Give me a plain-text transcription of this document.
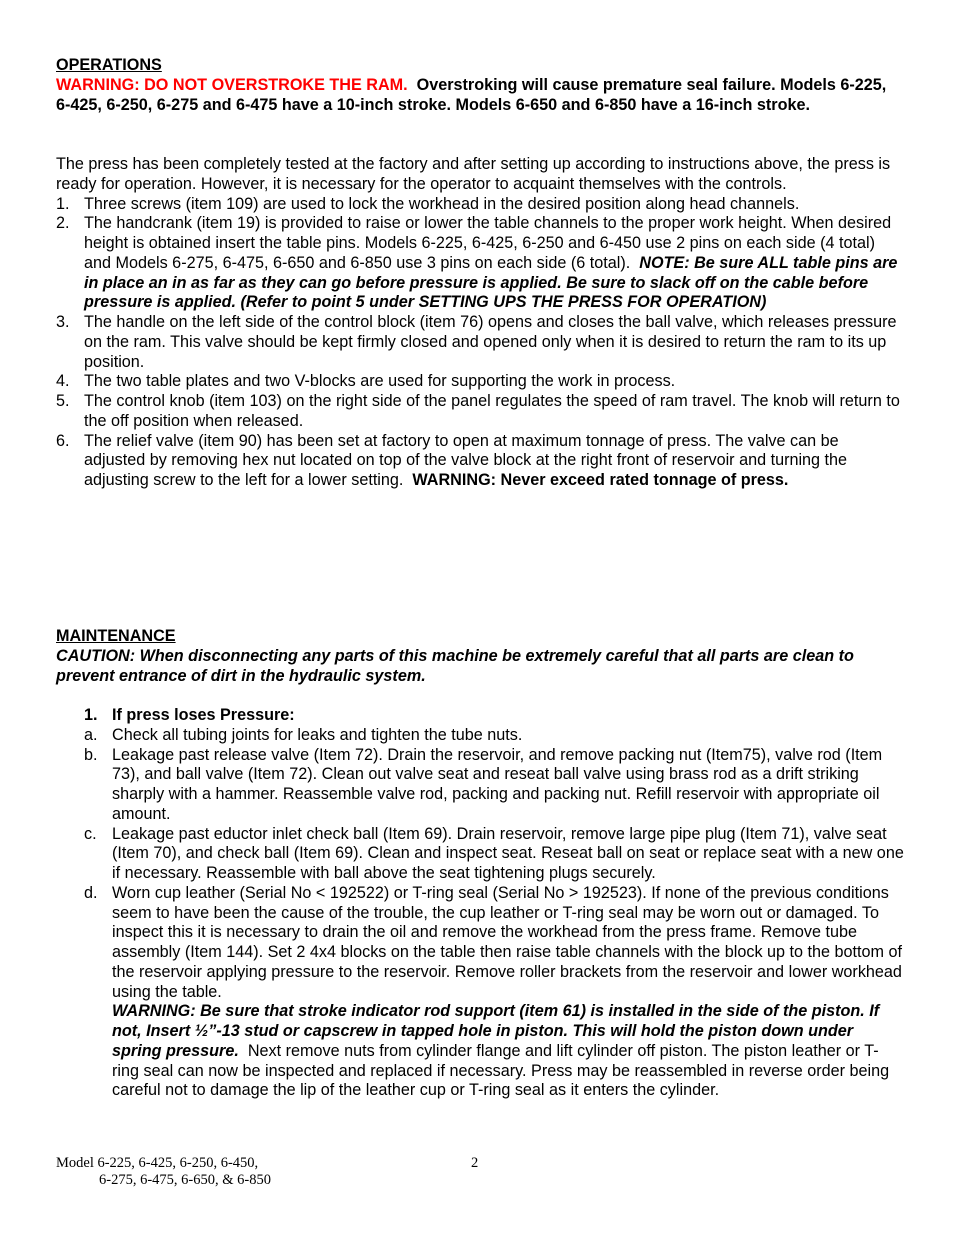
OPERATIONS
WARNING: DO NOT OVERSTROKE THE RAM. Overstroking will cause premature seal failure. Models 6-225, 6-425, 6-250, 6-275 and 6-475 have a 10-inch stroke. Models 6-650 and 6-850 have a 16-inch stroke.
The press has been completely tested at the factory and after setting up according to instructions above, the press is ready for operation. However, it is necessary for the operator to acquaint themselves with the controls.
1. Three screws (item 109) are used to lock the workhead in the desired position along head channels.
2. The handcrank (item 19) is provided to raise or lower the table channels to the proper work height. When desired height is obtained insert the table pins. Models 6-225, 6-425, 6-250 and 6-450 use 2 pins on each side (4 total) and Models 6-275, 6-475, 6-650 and 6-850 use 3 pins on each side (6 total). NOTE: Be sure ALL table pins are in place an in as far as they can go before pressure is applied. Be sure to slack off on the cable before pressure is applied. (Refer to point 5 under SETTING UPS THE PRESS FOR OPERATION)
3. The handle on the left side of the control block (item 76) opens and closes the ball valve, which releases pressure on the ram. This valve should be kept firmly closed and opened only when it is desired to return the ram to its up position.
4. The two table plates and two V-blocks are used for supporting the work in process.
5. The control knob (item 103) on the right side of the panel regulates the speed of ram travel. The knob will return to the off position when released.
6. The relief valve (item 90) has been set at factory to open at maximum tonnage of press. The valve can be adjusted by removing hex nut located on top of the valve block at the right front of reservoir and turning the adjusting screw to the left for a lower setting. WARNING: Never exceed rated tonnage of press.
MAINTENANCE
CAUTION: When disconnecting any parts of this machine be extremely careful that all parts are clean to prevent entrance of dirt in the hydraulic system.
1. If press loses Pressure:
a. Check all tubing joints for leaks and tighten the tube nuts.
b. Leakage past release valve (Item 72). Drain the reservoir, and remove packing nut (Item75), valve rod (Item 73), and ball valve (Item 72). Clean out valve seat and reseat ball valve using brass rod as a drift striking sharply with a hammer. Reassemble valve rod, packing and packing nut. Refill reservoir with appropriate oil amount.
c. Leakage past eductor inlet check ball (Item 69). Drain reservoir, remove large pipe plug (Item 71), valve seat (Item 70), and check ball (Item 69). Clean and inspect seat. Reseat ball on seat or replace seat with a new one if necessary. Reassemble with ball above the seat tightening plugs securely.
d. Worn cup leather (Serial No < 192522) or T-ring seal (Serial No > 192523). If none of the previous conditions seem to have been the cause of the trouble, the cup leather or T-ring seal may be worn out or damaged. To inspect this it is necessary to drain the oil and remove the workhead from the press frame. Remove tube assembly (Item 144). Set 2 4x4 blocks on the table then raise table channels with the block up to the bottom of the reservoir applying pressure to the reservoir. Remove roller brackets from the reservoir and lower workhead using the table.
WARNING: Be sure that stroke indicator rod support (item 61) is installed in the side of the piston. If not, Insert ½”-13 stud or capscrew in tapped hole in piston. This will hold the piston down under spring pressure. Next remove nuts from cylinder flange and lift cylinder off piston. The piston leather or T-ring seal can now be inspected and replaced if necessary. Press may be reassembled in reverse order being careful not to damage the lip of the leather cup or T-ring seal as it enters the cylinder.
Model 6-225, 6-425, 6-250, 6-450,
6-275, 6-475, 6-650, & 6-850
2
